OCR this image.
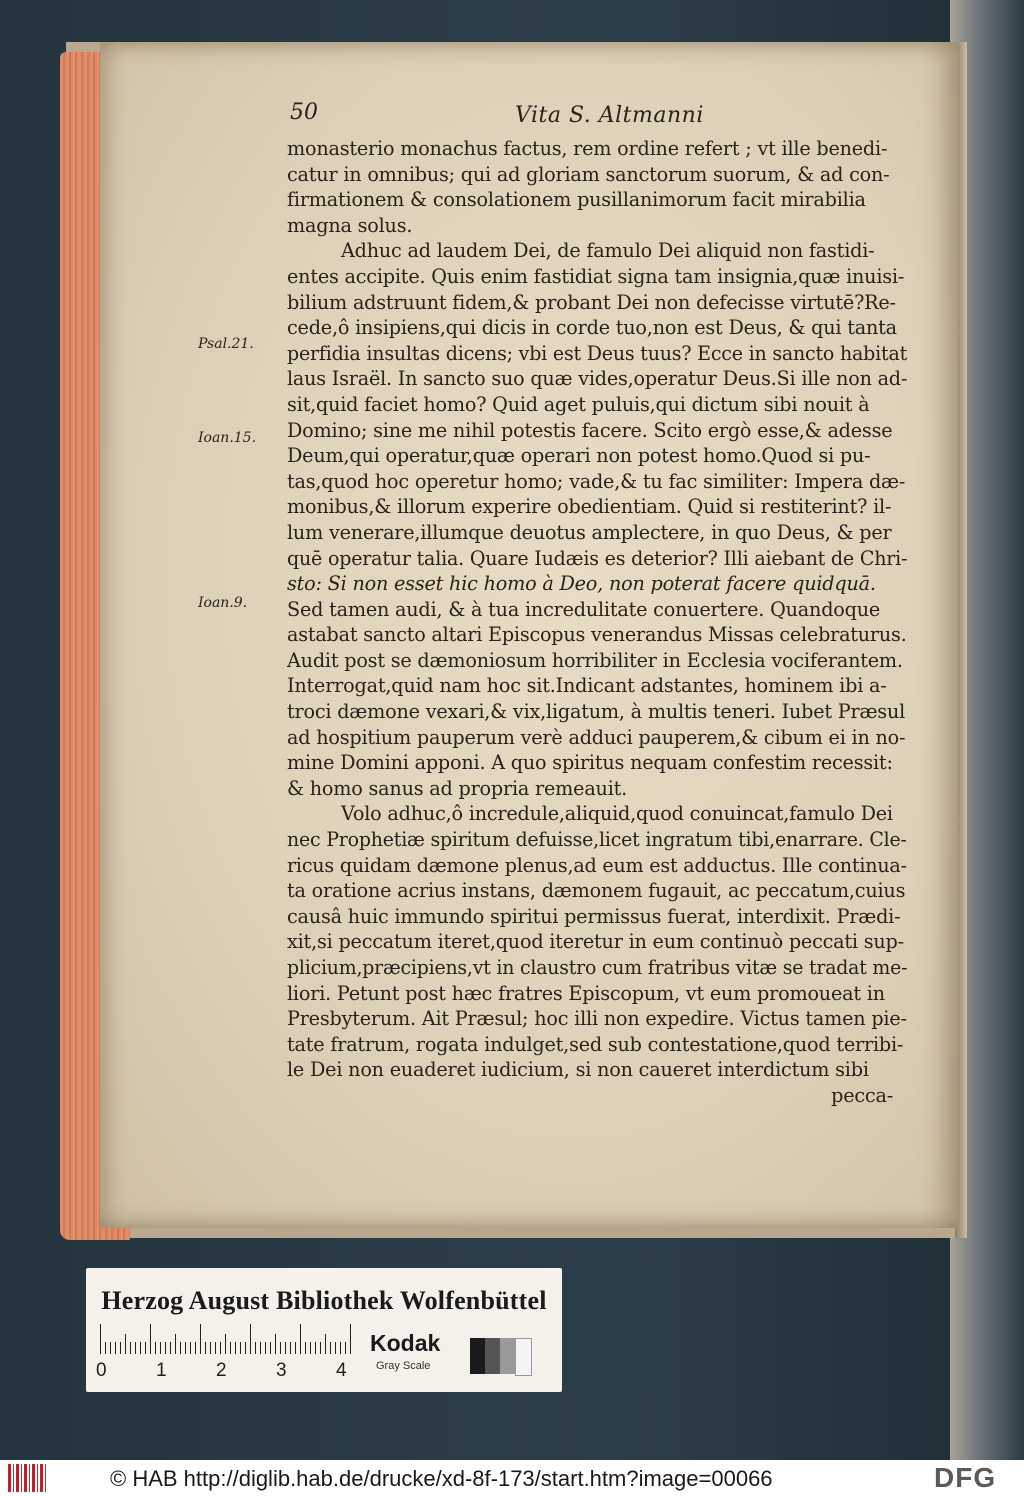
50	Vita S. Altmanni
Psal.21.
Ioan.15.
Ioan.9.
monasterio monachus factus, rem ordine refert ; vt ille benedi-
catur in omnibus; qui ad gloriam sanctorum suorum, & ad con-
firmationem & consolationem pusillanimorum facit mirabilia
magna solus.
Adhuc ad laudem Dei, de famulo Dei aliquid non fastidi-
entes accipite. Quis enim fastidiat signa tam insignia,quæ inuisi-
bilium adstruunt fidem,& probant Dei non defecisse virtutē?Re-
cede,ô insipiens,qui dicis in corde tuo,non est Deus, & qui tanta
perfidia insultas dicens; vbi est Deus tuus? Ecce in sancto habitat
laus Israël. In sancto suo quæ vides,operatur Deus.Si ille non ad-
sit,quid faciet homo? Quid aget puluis,qui dictum sibi nouit à
Domino; sine me nihil potestis facere. Scito ergò esse,& adesse
Deum,qui operatur,quæ operari non potest homo.Quod si pu-
tas,quod hoc operetur homo; vade,& tu fac similiter: Impera dæ-
monibus,& illorum experire obedientiam. Quid si restiterint? il-
lum venerare,illumque deuotus amplectere, in quo Deus, & per
quē operatur talia. Quare Iudæis es deterior? Illi aiebant de Chri-
sto: Si non esset hic homo à Deo, non poterat facere quidquā.
Sed tamen audi, & à tua incredulitate conuertere. Quandoque
astabat sancto altari Episcopus venerandus Missas celebraturus.
Audit post se dæmoniosum horribiliter in Ecclesia vociferantem.
Interrogat,quid nam hoc sit.Indicant adstantes, hominem ibi a-
troci dæmone vexari,& vix,ligatum, à multis teneri. Iubet Præsul
ad hospitium pauperum verè adduci pauperem,& cibum ei in no-
mine Domini apponi. A quo spiritus nequam confestim recessit:
& homo sanus ad propria remeauit.
Volo adhuc,ô incredule,aliquid,quod conuincat,famulo Dei
nec Prophetiæ spiritum defuisse,licet ingratum tibi,enarrare. Cle-
ricus quidam dæmone plenus,ad eum est adductus. Ille continua-
ta oratione acrius instans, dæmonem fugauit, ac peccatum,cuius
causâ huic immundo spiritui permissus fuerat, interdixit. Prædi-
xit,si peccatum iteret,quod iteretur in eum continuò peccati sup-
plicium,præcipiens,vt in claustro cum fratribus vitæ se tradat me-
liori. Petunt post hæc fratres Episcopum, vt eum promoueat in
Presbyterum. Ait Præsul; hoc illi non expedire. Victus tamen pie-
tate fratrum, rogata indulget,sed sub contestatione,quod terribi-
le Dei non euaderet iudicium, si non caueret interdictum sibi
pecca-
Herzog August Bibliothek Wolfenbüttel
0	1	2	3	4
Kodak
Gray Scale
© HAB http://diglib.hab.de/drucke/xd-8f-173/start.htm?image=00066	DFG
